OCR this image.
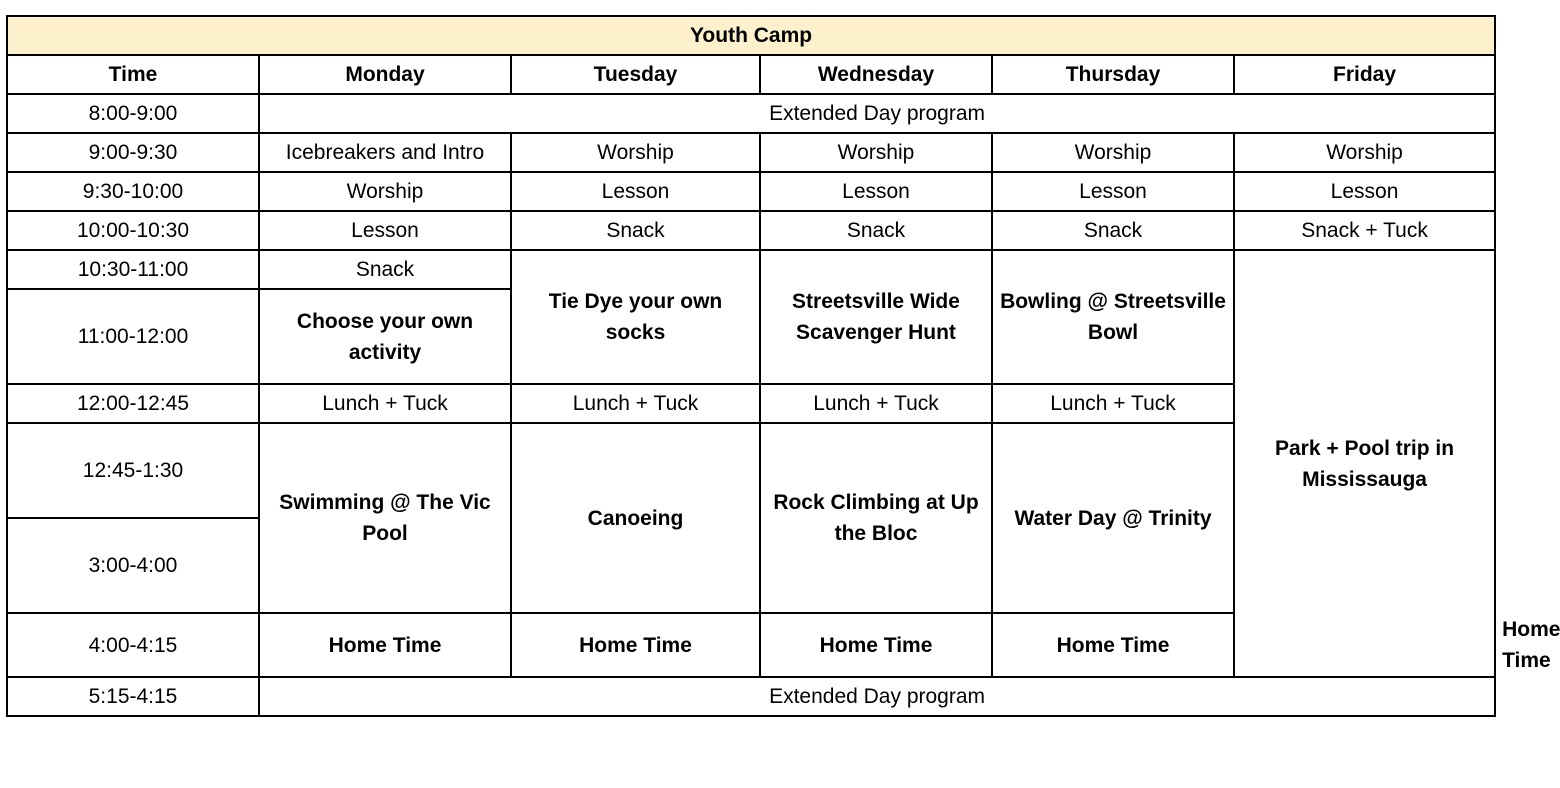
Youth Camp						
Time	Monday	Tuesday	Wednesday	Thursday	Friday	
8:00-9:00	Extended Day program					
9:00-9:30	Icebreakers and Intro	Worship	Worship	Worship	Worship	
9:30-10:00	Worship	Lesson	Lesson	Lesson	Lesson	
10:00-10:30	Lesson	Snack	Snack	Snack	Snack + Tuck	
10:30-11:00	Snack	Tie Dye your own socks	Streetsville Wide Scavenger Hunt	Bowling @ Streetsville Bowl	Park + Pool trip in Mississauga	
11:00-12:00	Choose your own activity					
12:00-12:45	Lunch + Tuck	Lunch + Tuck	Lunch + Tuck	Lunch + Tuck		
12:45-1:30	Swimming @ The Vic Pool	Canoeing	Rock Climbing at Up the Bloc	Water Day @ Trinity		
3:00-4:00						
4:00-4:15	Home Time	Home Time	Home Time	Home Time		Home Time
5:15-4:15	Extended Day program					
